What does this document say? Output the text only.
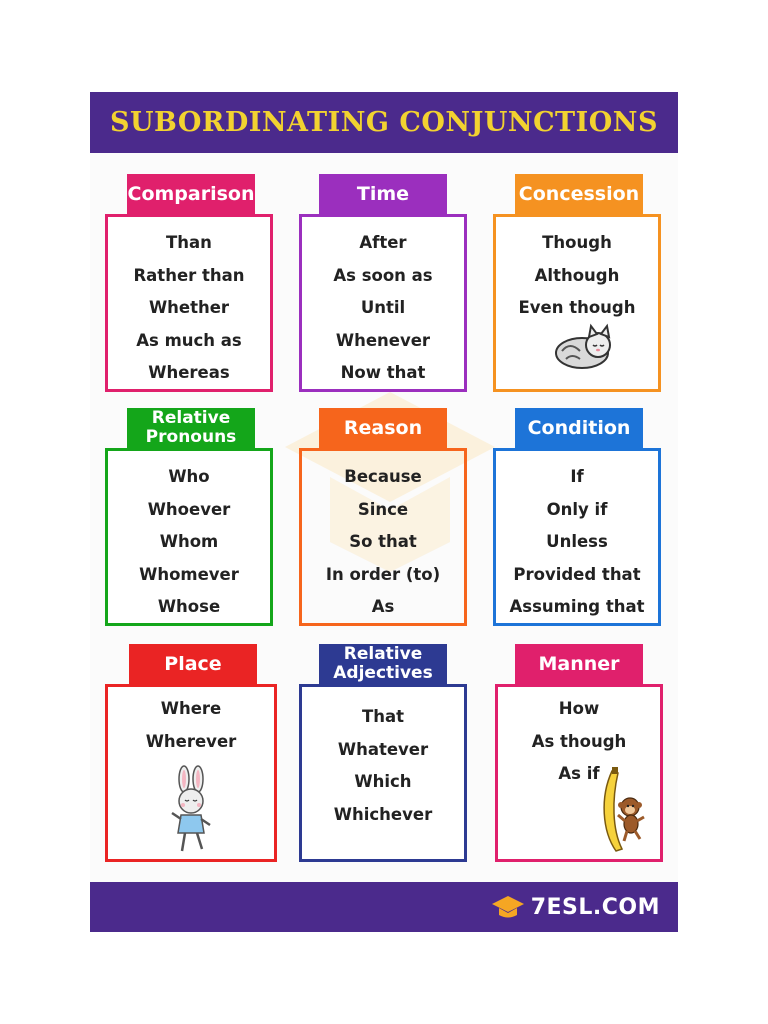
SUBORDINATING CONJUNCTIONS
Comparison
Than
Rather than
Whether
As much as
Whereas
Time
After
As soon as
Until
Whenever
Now that
Concession
Though
Although
Even though
Relative
Pronouns
Who
Whoever
Whom
Whomever
Whose
Reason
Because
Since
So that
In order (to)
As
Condition
If
Only if
Unless
Provided that
Assuming that
Place
Where
Wherever
Relative
Adjectives
That
Whatever
Which
Whichever
Manner
How
As though
As if
7ESL.COM
